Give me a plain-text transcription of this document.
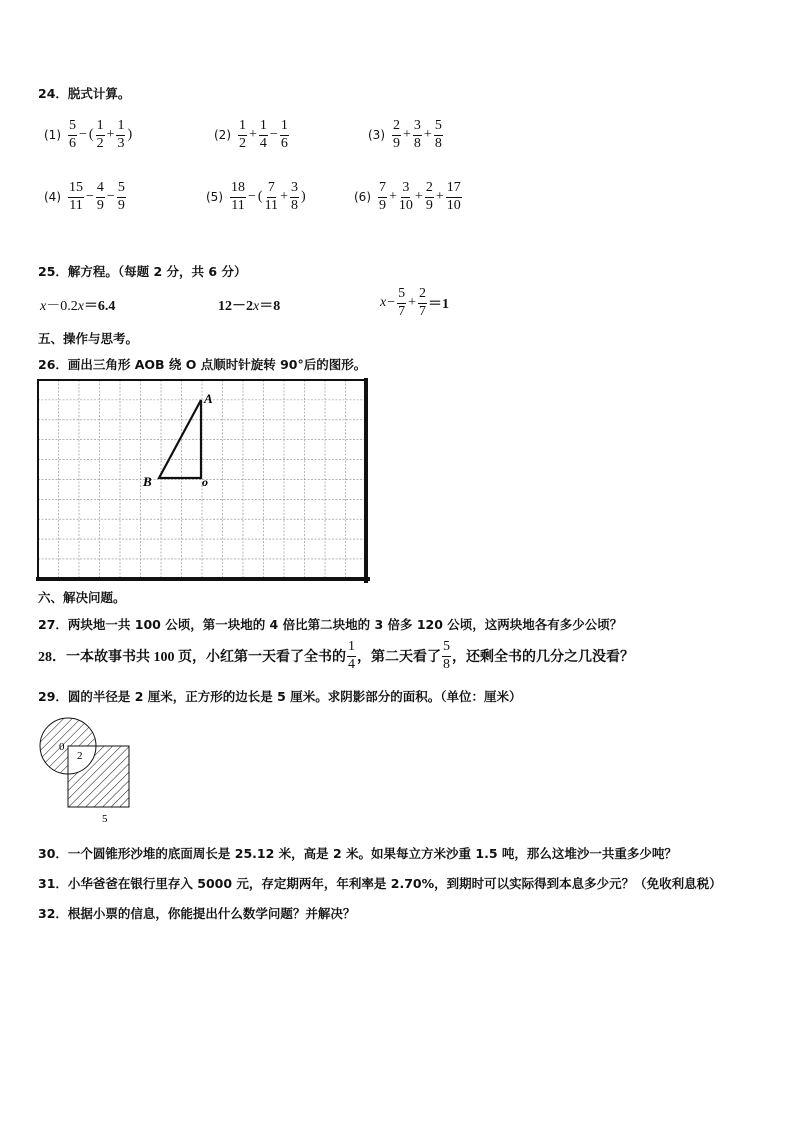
24．脱式计算。
$(1) \frac{5}{6}$ − ( $\frac{1}{2} + \frac{1}{3}$ )	$(2) \frac{1}{2} + \frac{1}{4} - \frac{1}{6}$	$(3) \frac{2}{9} + \frac{3}{8} + \frac{5}{8}$
$(4) \frac{15}{11} - \frac{4}{9} - \frac{5}{9}$	$(5) \frac{18}{11}$ − ( $\frac{7}{11} + \frac{3}{8}$ )	$(6) \frac{7}{9} + \frac{3}{10} + \frac{2}{9} + \frac{17}{10}$
25．解方程。（每题 2 分，共 6 分）
x－0.2x＝6.4	12－2x＝8	$x - \frac{5}{7} + \frac{2}{7} =1$
五、操作与思考。
26．画出三角形 AOB 绕 O 点顺时针旋转 90°后的图形。
A
B	o
六、解决问题。
27．两块地一共 100 公顷，第一块地的 4 倍比第二块地的 3 倍多 120 公顷，这两块地各有多少公顷？
28．一本故事书共 100 页，小红第一天看了全书的 $\frac{1}{4}$ ，第二天看了 $\frac{5}{8}$ ，还剩全书的几分之几没看？
29．圆的半径是 2 厘米，正方形的边长是 5 厘米。求阴影部分的面积。（单位：厘米）
0
2
5
30．一个圆锥形沙堆的底面周长是 25.12 米，高是 2 米。如果每立方米沙重 1.5 吨，那么这堆沙一共重多少吨？
31．小华爸爸在银行里存入 5000 元，存定期两年，年利率是 2.70%，到期时可以实际得到本息多少元？（免收利息税）
32．根据小票的信息，你能提出什么数学问题？并解决？
